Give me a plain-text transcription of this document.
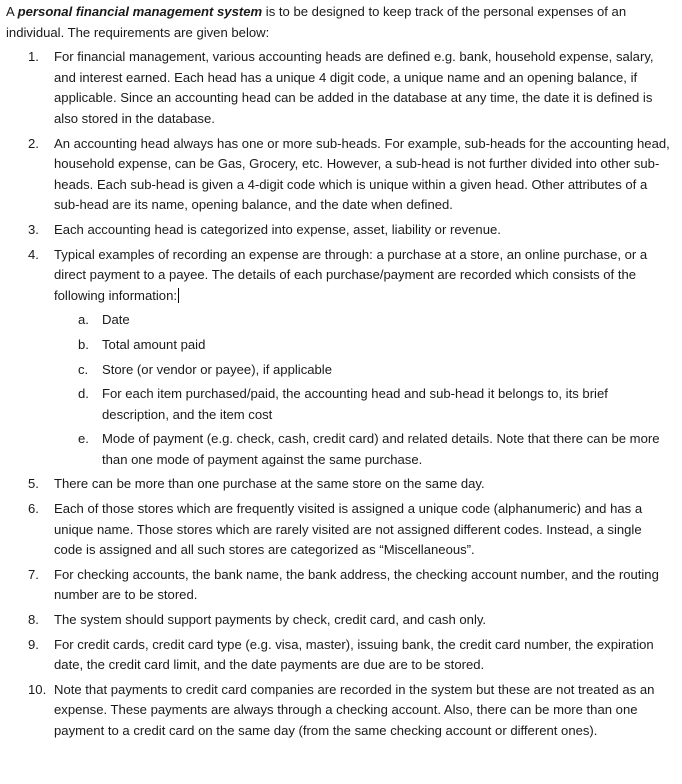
A personal financial management system is to be designed to keep track of the personal expenses of an individual. The requirements are given below:

1. For financial management, various accounting heads are defined e.g. bank, household expense, salary, and interest earned. Each head has a unique 4 digit code, a unique name and an opening balance, if applicable. Since an accounting head can be added in the database at any time, the date it is defined is also stored in the database.
2. An accounting head always has one or more sub-heads. For example, sub-heads for the accounting head, household expense, can be Gas, Grocery, etc. However, a sub-head is not further divided into other sub-heads. Each sub-head is given a 4-digit code which is unique within a given head. Other attributes of a sub-head are its name, opening balance, and the date when defined.
3. Each accounting head is categorized into expense, asset, liability or revenue.
4. Typical examples of recording an expense are through: a purchase at a store, an online purchase, or a direct payment to a payee. The details of each purchase/payment are recorded which consists of the following information:
a. Date
b. Total amount paid
c. Store (or vendor or payee), if applicable
d. For each item purchased/paid, the accounting head and sub-head it belongs to, its brief description, and the item cost
e. Mode of payment (e.g. check, cash, credit card) and related details. Note that there can be more than one mode of payment against the same purchase.
5. There can be more than one purchase at the same store on the same day.
6. Each of those stores which are frequently visited is assigned a unique code (alphanumeric) and has a unique name. Those stores which are rarely visited are not assigned different codes. Instead, a single code is assigned and all such stores are categorized as “Miscellaneous”.
7. For checking accounts, the bank name, the bank address, the checking account number, and the routing number are to be stored.
8. The system should support payments by check, credit card, and cash only.
9. For credit cards, credit card type (e.g. visa, master), issuing bank, the credit card number, the expiration date, the credit card limit, and the date payments are due are to be stored.
10. Note that payments to credit card companies are recorded in the system but these are not treated as an expense. These payments are always through a checking account. Also, there can be more than one payment to a credit card on the same day (from the same checking account or different ones).
